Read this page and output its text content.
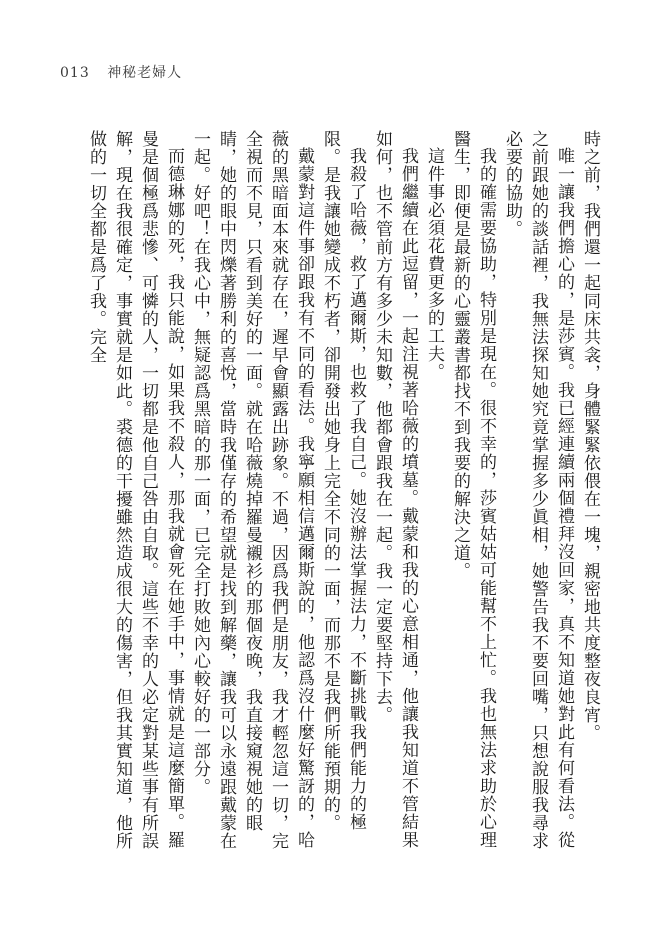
013 神秘老婦人

時之前，我們還一起同床共衾，身體緊緊依偎在一塊，親密地共度整夜良宵。

唯一讓我們擔心的，是莎賓。我已經連續兩個禮拜沒回家，真不知道她對此有何看法。從之前跟她的談話裡，我無法探知她究竟掌握多少眞相，她警告我不要回嘴，只想說服我尋求必要的協助。

我的確需要協助，特別是現在。很不幸的，莎賓姑姑可能幫不上忙。我也無法求助於心理醫生，即便是最新的心靈叢書都找不到我要的解決之道。

這件事必須花費更多的工夫。

我們繼續在此逗留，一起注視著哈薇的墳墓。戴蒙和我的心意相通，他讓我知道不管結果如何，也不管前方有多少未知數，他都會跟我在一起。我一定要堅持下去。

我殺了哈薇，救了邁爾斯，也救了我自己。她沒辦法掌握法力，不斷挑戰我們能力的極限。是我讓她變成不朽者，卻開發出她身上完全不同的一面，而那不是我們所能預期的。

戴蒙對這件事卻跟我有不同的看法。我寧願相信邁爾斯說的，他認爲沒什麼好驚訝的，哈薇的黑暗面本來就存在，遲早會顯露出跡象。不過，因爲我們是朋友，我才輕忽這一切，完全視而不見，只看到美好的一面。就在哈薇燒掉羅曼襯衫的那個夜晚，我直接窺視她的眼睛，她的眼中閃爍著勝利的喜悅，當時我僅存的希望就是找到解藥，讓我可以永遠跟戴蒙在一起。好吧！在我心中，無疑認爲黑暗的那一面，已完全打敗她內心較好的一部分。

而德琳娜的死，我只能說，如果我不殺人，那我就會死在她手中，事情就是這麼簡單。羅曼是個極爲悲慘、可憐的人，一切都是他自己咎由自取。這些不幸的人必定對某些事有所誤解，現在我很確定，事實就是如此。裘德的干擾雖然造成很大的傷害，但我其實知道，他所做的一切全都是爲了我。完全
